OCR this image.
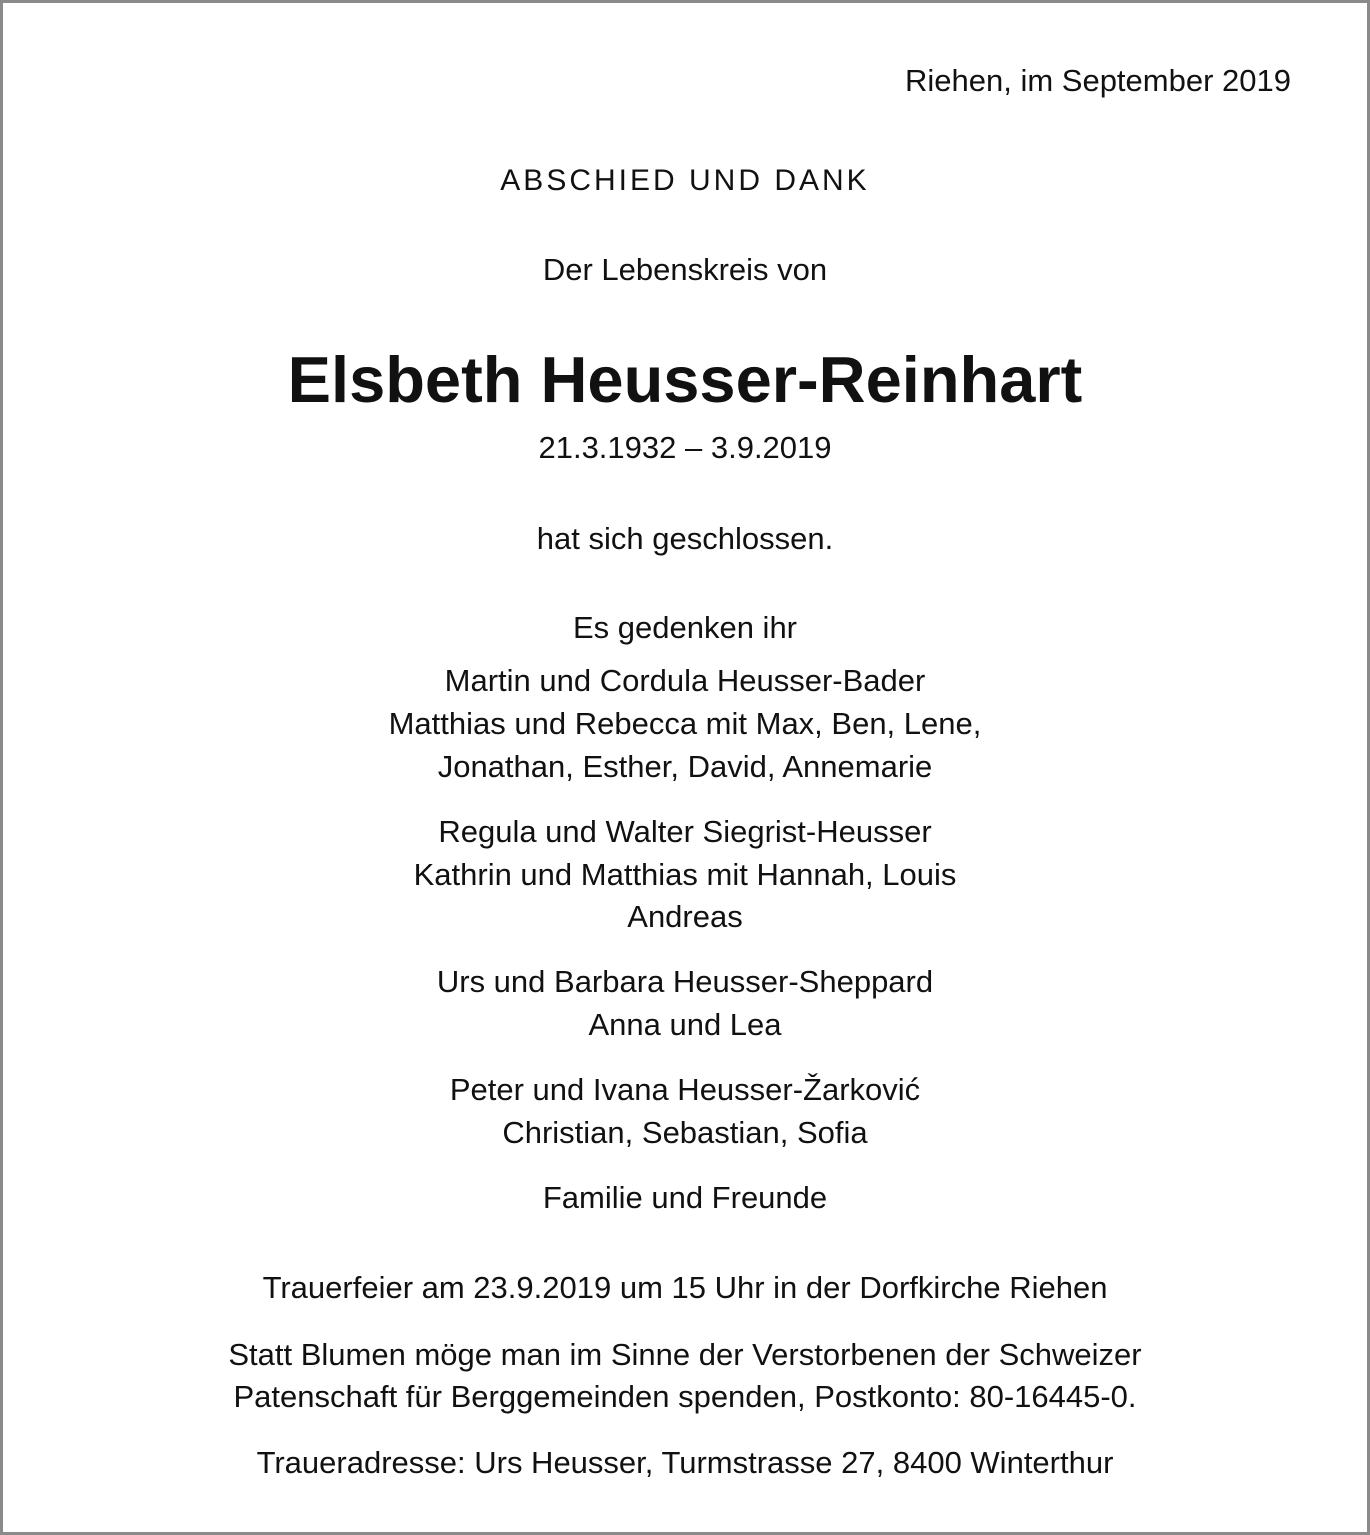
Riehen, im September 2019
ABSCHIED UND DANK
Der Lebenskreis von
Elsbeth Heusser-Reinhart
21.3.1932 – 3.9.2019
hat sich geschlossen.
Es gedenken ihr
Martin und Cordula Heusser-Bader
Matthias und Rebecca mit Max, Ben, Lene,
Jonathan, Esther, David, Annemarie
Regula und Walter Siegrist-Heusser
Kathrin und Matthias mit Hannah, Louis
Andreas
Urs und Barbara Heusser-Sheppard
Anna und Lea
Peter und Ivana Heusser-Žarković
Christian, Sebastian, Sofia
Familie und Freunde
Trauerfeier am 23.9.2019 um 15 Uhr in der Dorfkirche Riehen
Statt Blumen möge man im Sinne der Verstorbenen der Schweizer
Patenschaft für Berggemeinden spenden, Postkonto: 80-16445-0.
Traueradresse: Urs Heusser, Turmstrasse 27, 8400 Winterthur
